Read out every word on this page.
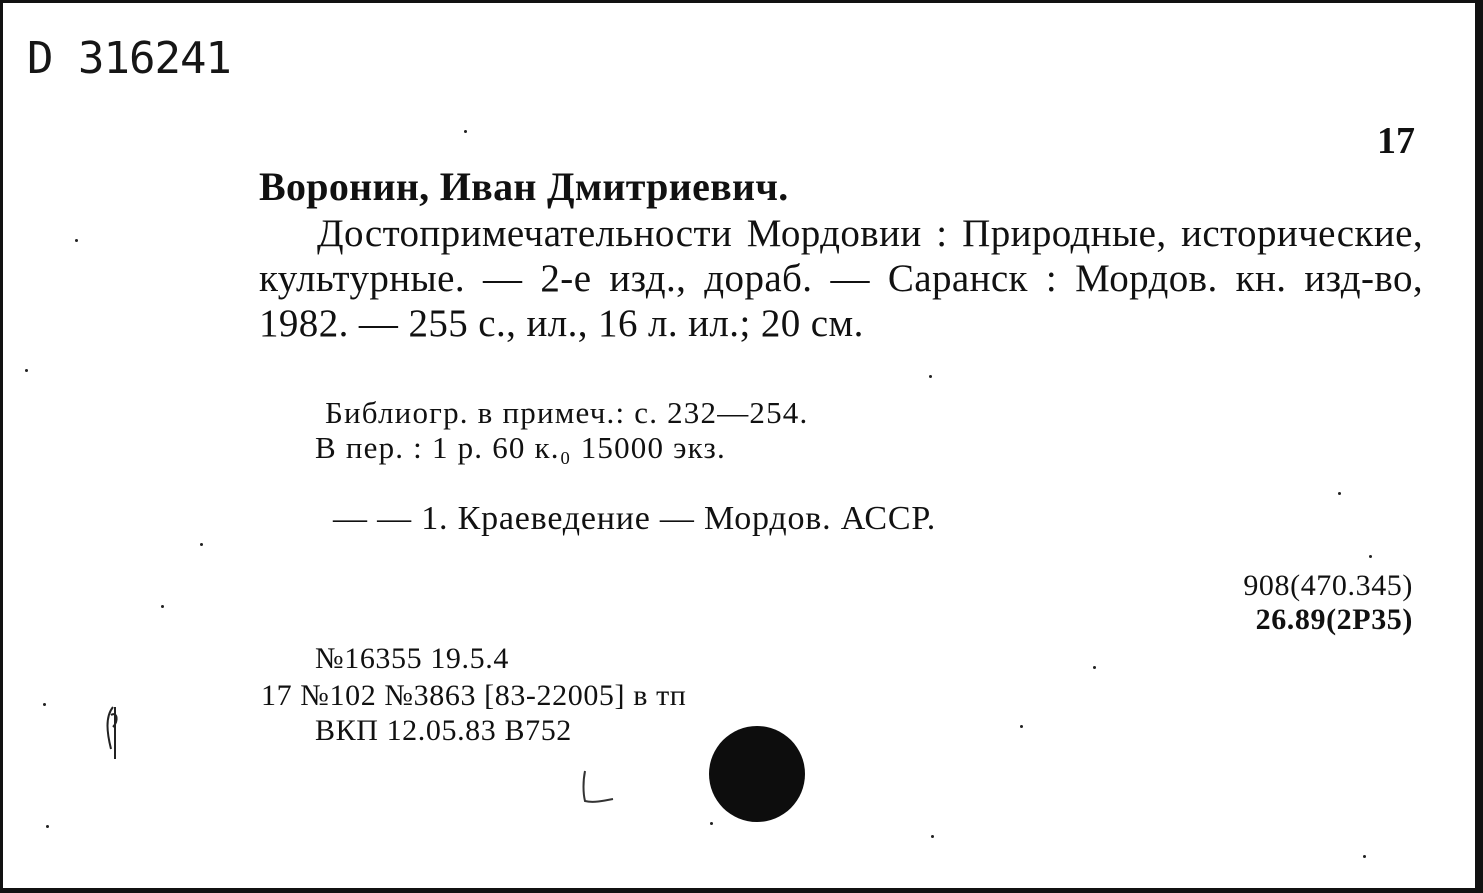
D 316241
17
Воронин, Иван Дмитриевич.
Достопримечательности Мордовии : Природные, исторические, культурные. — 2-е изд., дораб. — Саранск : Мордов. кн. изд-во, 1982. — 255 с., ил., 16 л. ил.; 20 см.
Библиогр. в примеч.: с. 232—254.
В пер. : 1 р. 60 к.₀ 15000 экз.
— — 1. Краеведение — Мордов. АССР.
908(470.345)
26.89(2Р35)
№16355 19.5.4
17 №102 №3863 [83-22005] в тп
ВКП 12.05.83 В752
